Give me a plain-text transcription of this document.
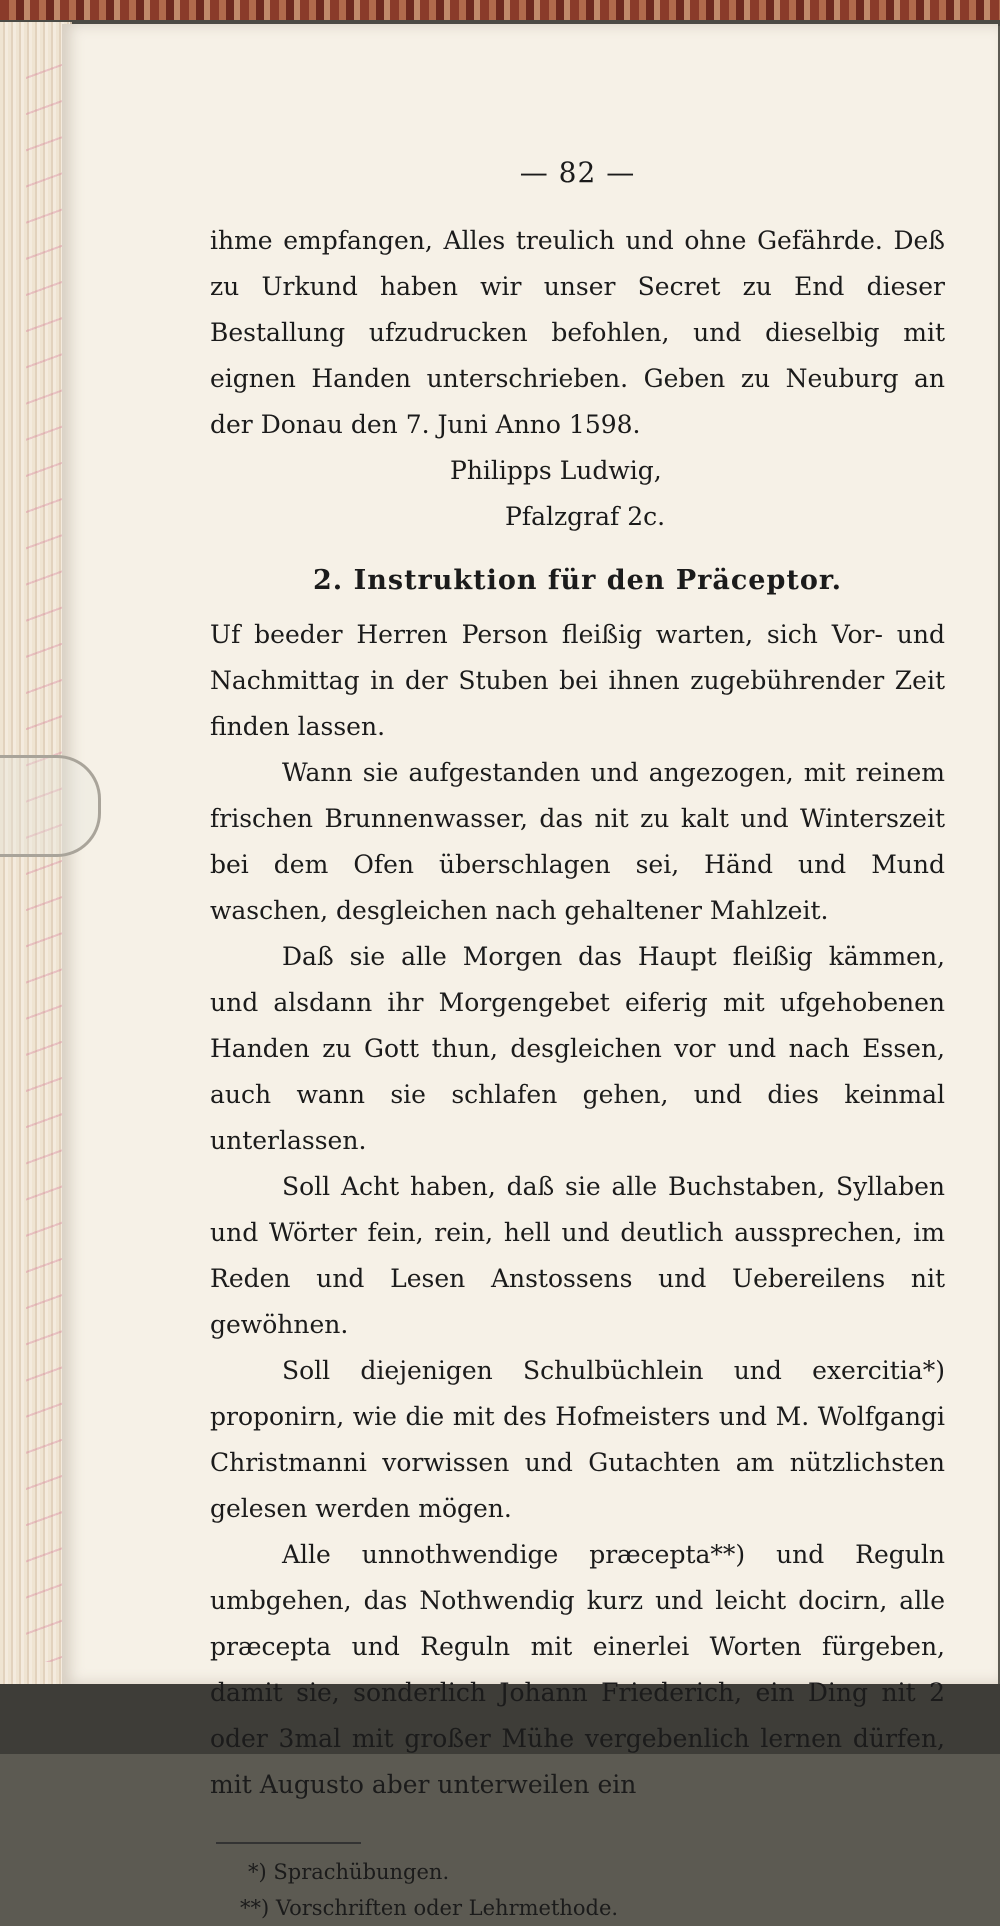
— 82 —

ihme empfangen, Alles treulich und ohne Gefährde. Deß zu Urkund haben wir unser Secret zu End dieser Bestallung ufzudrucken befohlen, und dieselbig mit eignen Handen unterschrieben. Geben zu Neuburg an der Donau den 7. Juni Anno 1598.

Philipps Ludwig,

Pfalzgraf 2c.

2. Instruktion für den Präceptor.

Uf beeder Herren Person fleißig warten, sich Vor- und Nachmittag in der Stuben bei ihnen zugebührender Zeit finden lassen.

Wann sie aufgestanden und angezogen, mit reinem frischen Brunnenwasser, das nit zu kalt und Winterszeit bei dem Ofen überschlagen sei, Händ und Mund waschen, desgleichen nach gehaltener Mahlzeit.

Daß sie alle Morgen das Haupt fleißig kämmen, und alsdann ihr Morgengebet eiferig mit ufgehobenen Handen zu Gott thun, desgleichen vor und nach Essen, auch wann sie schlafen gehen, und dies keinmal unterlassen.

Soll Acht haben, daß sie alle Buchstaben, Syllaben und Wörter fein, rein, hell und deutlich aussprechen, im Reden und Lesen Anstossens und Uebereilens nit gewöhnen.

Soll diejenigen Schulbüchlein und exercitia*) proponirn, wie die mit des Hofmeisters und M. Wolfgangi Christmanni vorwissen und Gutachten am nützlichsten gelesen werden mögen.

Alle unnothwendige præcepta**) und Reguln umbgehen, das Nothwendig kurz und leicht docirn, alle præcepta und Reguln mit einerlei Worten fürgeben, damit sie, sonderlich Johann Friederich, ein Ding nit 2 oder 3mal mit großer Mühe vergebenlich lernen dürfen, mit Augusto aber unterweilen ein

*) Sprachübungen.

**) Vorschriften oder Lehrmethode.
